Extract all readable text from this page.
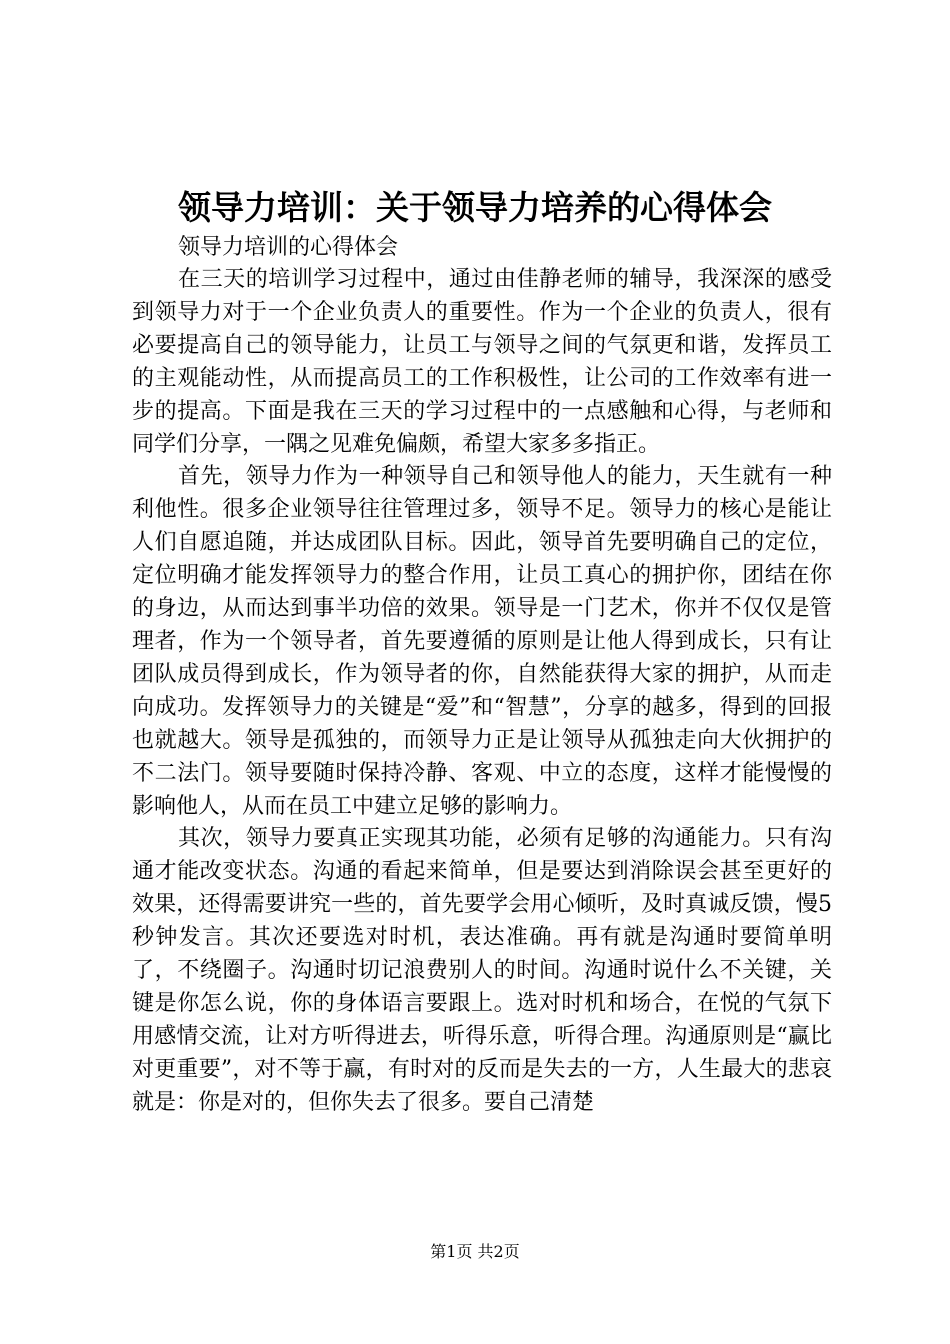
领导力培训：关于领导力培养的心得体会

领导力培训的心得体会

在三天的培训学习过程中，通过由佳静老师的辅导，我深深的感受到领导力对于一个企业负责人的重要性。作为一个企业的负责人，很有必要提高自己的领导能力，让员工与领导之间的气氛更和谐，发挥员工的主观能动性，从而提高员工的工作积极性，让公司的工作效率有进一步的提高。下面是我在三天的学习过程中的一点感触和心得，与老师和同学们分享，一隅之见难免偏颇，希望大家多多指正。

首先，领导力作为一种领导自己和领导他人的能力，天生就有一种利他性。很多企业领导往往管理过多，领导不足。领导力的核心是能让人们自愿追随，并达成团队目标。因此，领导首先要明确自己的定位，定位明确才能发挥领导力的整合作用，让员工真心的拥护你，团结在你的身边，从而达到事半功倍的效果。领导是一门艺术，你并不仅仅是管理者，作为一个领导者，首先要遵循的原则是让他人得到成长，只有让团队成员得到成长，作为领导者的你，自然能获得大家的拥护，从而走向成功。发挥领导力的关键是“爱”和“智慧”，分享的越多，得到的回报也就越大。领导是孤独的，而领导力正是让领导从孤独走向大伙拥护的不二法门。领导要随时保持冷静、客观、中立的态度，这样才能慢慢的影响他人，从而在员工中建立足够的影响力。

其次，领导力要真正实现其功能，必须有足够的沟通能力。只有沟通才能改变状态。沟通的看起来简单，但是要达到消除误会甚至更好的效果，还得需要讲究一些的，首先要学会用心倾听，及时真诚反馈，慢5秒钟发言。其次还要选对时机，表达准确。再有就是沟通时要简单明了，不绕圈子。沟通时切记浪费别人的时间。沟通时说什么不关键，关键是你怎么说，你的身体语言要跟上。选对时机和场合，在悦的气氛下用感情交流，让对方听得进去，听得乐意，听得合理。沟通原则是“赢比对更重要”，对不等于赢，有时对的反而是失去的一方，人生最大的悲哀就是：你是对的，但你失去了很多。要自己清楚

第1页 共2页
